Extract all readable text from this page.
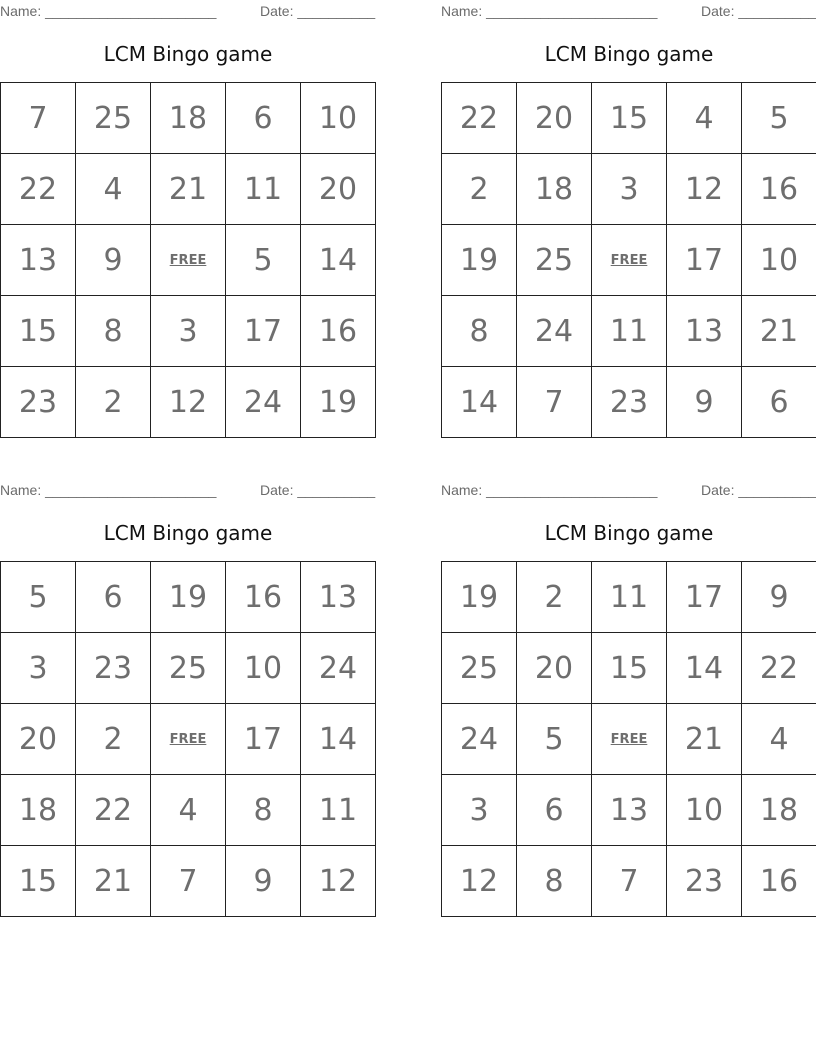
Name: ______________________	Date: __________
LCM Bingo game
7	25	18	6	10
22	4	21	11	20
13	9	FREE	5	14
15	8	3	17	16
23	2	12	24	19
Name: ______________________	Date: __________
LCM Bingo game
22	20	15	4	5
2	18	3	12	16
19	25	FREE	17	10
8	24	11	13	21
14	7	23	9	6
Name: ______________________	Date: __________
LCM Bingo game
5	6	19	16	13
3	23	25	10	24
20	2	FREE	17	14
18	22	4	8	11
15	21	7	9	12
Name: ______________________	Date: __________
LCM Bingo game
19	2	11	17	9
25	20	15	14	22
24	5	FREE	21	4
3	6	13	10	18
12	8	7	23	16
